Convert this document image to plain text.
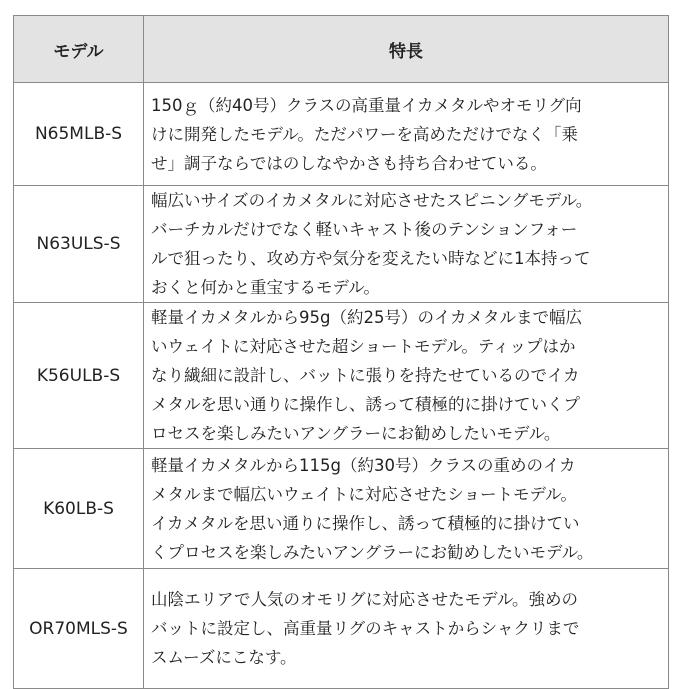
モデル	特長
N65MLB-S	150ｇ（約40号）クラスの高重量イカメタルやオモリグ向
けに開発したモデル。ただパワーを高めただけでなく「乗
せ」調子ならではのしなやかさも持ち合わせている。

N63ULS-S	幅広いサイズのイカメタルに対応させたスピニングモデル。
バーチカルだけでなく軽いキャスト後のテンションフォー
ルで狙ったり、攻め方や気分を変えたい時などに1本持って
おくと何かと重宝するモデル。

K56ULB-S	軽量イカメタルから95g（約25号）のイカメタルまで幅広
いウェイトに対応させた超ショートモデル。ティップはか
なり繊細に設計し、バットに張りを持たせているのでイカ
メタルを思い通りに操作し、誘って積極的に掛けていくプ
ロセスを楽しみたいアングラーにお勧めしたいモデル。

K60LB-S	軽量イカメタルから115g（約30号）クラスの重めのイカ
メタルまで幅広いウェイトに対応させたショートモデル。
イカメタルを思い通りに操作し、誘って積極的に掛けてい
くプロセスを楽しみたいアングラーにお勧めしたいモデル。

OR70MLS-S	山陰エリアで人気のオモリグに対応させたモデル。強めの
バットに設定し、高重量リグのキャストからシャクリまで
スムーズにこなす。
